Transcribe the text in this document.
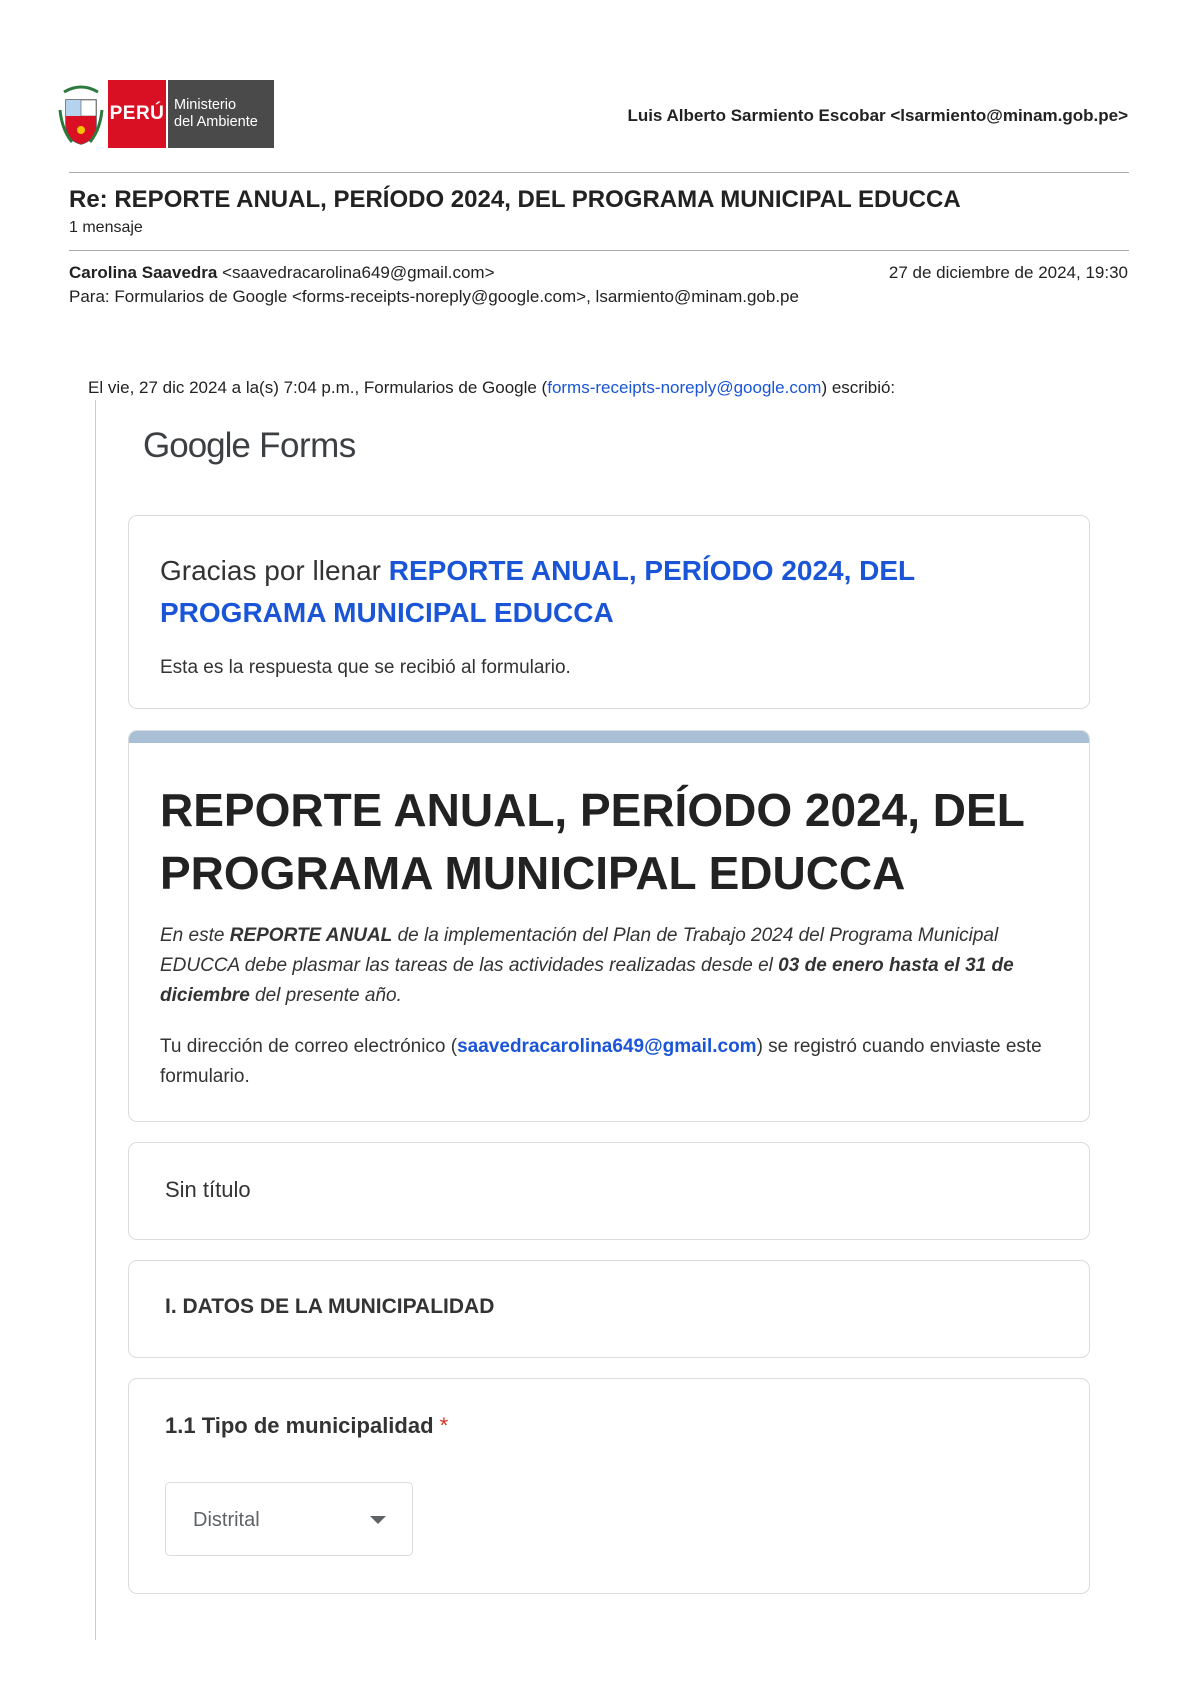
PERÚ Ministerio
del Ambiente	Luis Alberto Sarmiento Escobar <lsarmiento@minam.gob.pe>
Re: REPORTE ANUAL, PERÍODO 2024, DEL PROGRAMA MUNICIPAL EDUCCA
1 mensaje
Carolina Saavedra <saavedracarolina649@gmail.com>	27 de diciembre de 2024, 19:30
Para: Formularios de Google <forms-receipts-noreply@google.com>, lsarmiento@minam.gob.pe
El vie, 27 dic 2024 a la(s) 7:04 p.m., Formularios de Google (forms-receipts-noreply@google.com) escribió:
Google Forms
Gracias por llenar REPORTE ANUAL, PERÍODO 2024, DEL PROGRAMA MUNICIPAL EDUCCA
Esta es la respuesta que se recibió al formulario.
REPORTE ANUAL, PERÍODO 2024, DEL PROGRAMA MUNICIPAL EDUCCA
En este REPORTE ANUAL de la implementación del Plan de Trabajo 2024 del Programa Municipal EDUCCA debe plasmar las tareas de las actividades realizadas desde el 03 de enero hasta el 31 de diciembre del presente año.
Tu dirección de correo electrónico (saavedracarolina649@gmail.com) se registró cuando enviaste este formulario.
Sin título
I. DATOS DE LA MUNICIPALIDAD
1.1 Tipo de municipalidad *
Distrital
